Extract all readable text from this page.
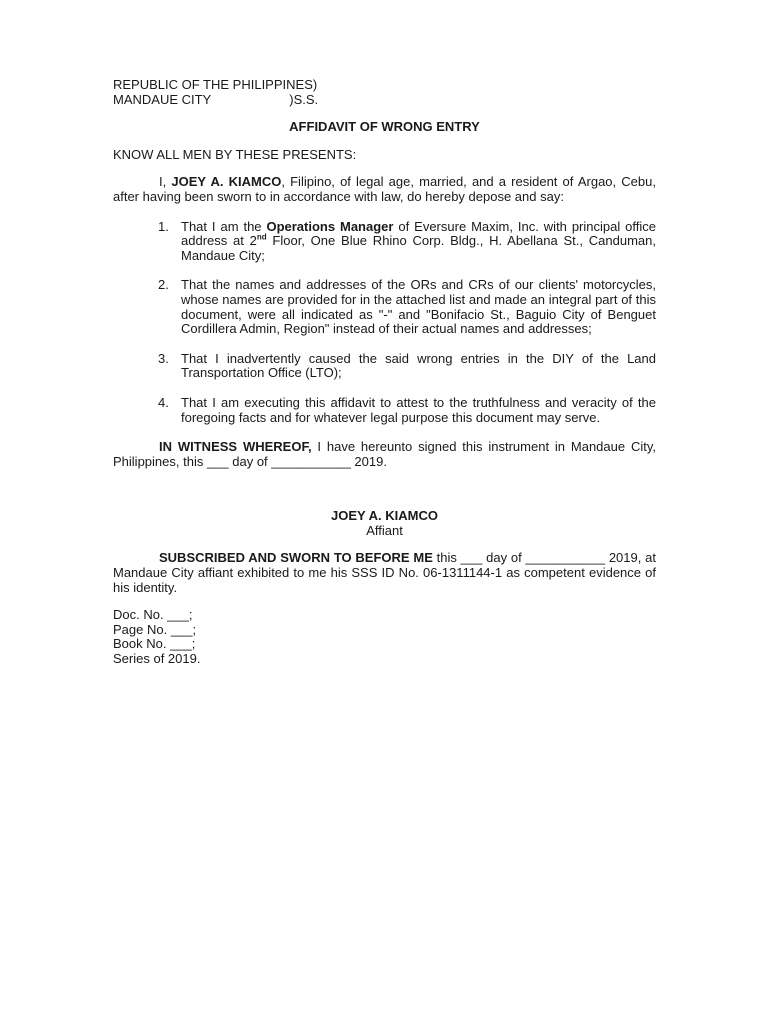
REPUBLIC OF THE PHILIPPINES)
MANDAUE CITY	)S.S.
AFFIDAVIT OF WRONG ENTRY
KNOW ALL MEN BY THESE PRESENTS:
I, JOEY A. KIAMCO, Filipino, of legal age, married, and a resident of Argao, Cebu, after having been sworn to in accordance with law, do hereby depose and say:
1. That I am the Operations Manager of Eversure Maxim, Inc. with principal office address at 2nd Floor, One Blue Rhino Corp. Bldg., H. Abellana St., Canduman, Mandaue City;
2. That the names and addresses of the ORs and CRs of our clients' motorcycles, whose names are provided for in the attached list and made an integral part of this document, were all indicated as "-" and "Bonifacio St., Baguio City of Benguet Cordillera Admin, Region" instead of their actual names and addresses;
3. That I inadvertently caused the said wrong entries in the DIY of the Land Transportation Office (LTO);
4. That I am executing this affidavit to attest to the truthfulness and veracity of the foregoing facts and for whatever legal purpose this document may serve.
IN WITNESS WHEREOF, I have hereunto signed this instrument in Mandaue City, Philippines, this ___ day of ___________ 2019.
JOEY A. KIAMCO
Affiant
SUBSCRIBED AND SWORN TO BEFORE ME this ___ day of ___________ 2019, at Mandaue City affiant exhibited to me his SSS ID No. 06-1311144-1 as competent evidence of his identity.
Doc. No. ___;
Page No. ___;
Book No. ___;
Series of 2019.
